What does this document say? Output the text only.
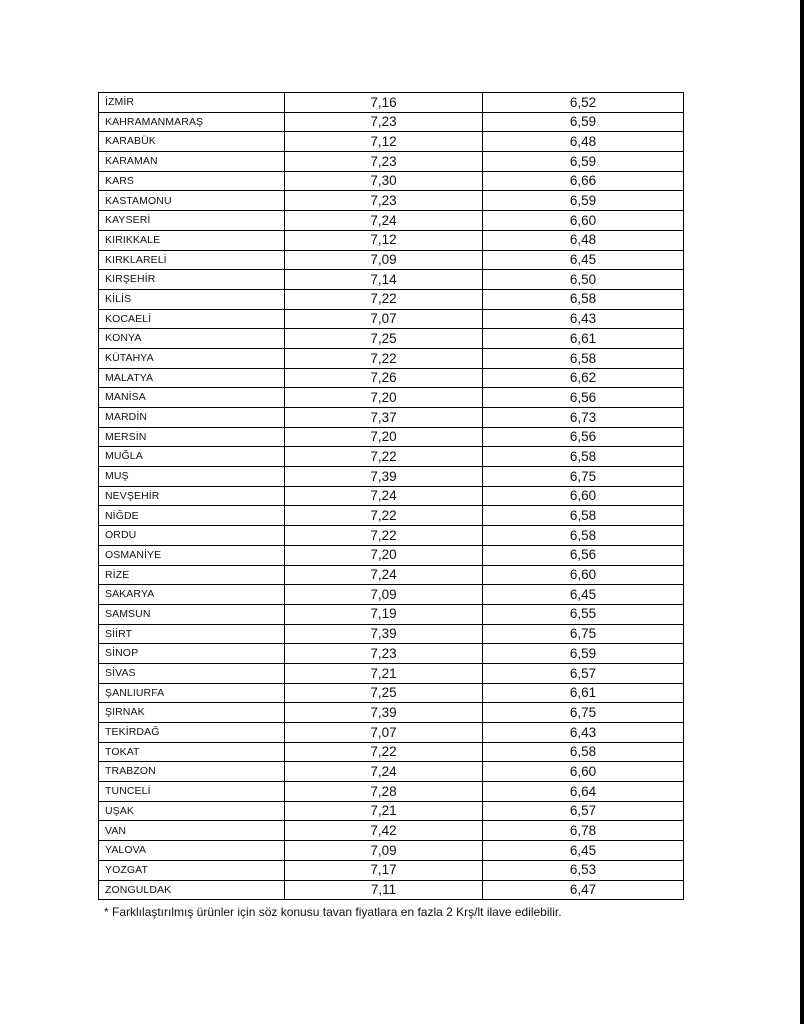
İZMİR	7,16	6,52
KAHRAMANMARAŞ	7,23	6,59
KARABÜK	7,12	6,48
KARAMAN	7,23	6,59
KARS	7,30	6,66
KASTAMONU	7,23	6,59
KAYSERİ	7,24	6,60
KIRIKKALE	7,12	6,48
KIRKLARELİ	7,09	6,45
KIRŞEHİR	7,14	6,50
KİLİS	7,22	6,58
KOCAELİ	7,07	6,43
KONYA	7,25	6,61
KÜTAHYA	7,22	6,58
MALATYA	7,26	6,62
MANİSA	7,20	6,56
MARDİN	7,37	6,73
MERSİN	7,20	6,56
MUĞLA	7,22	6,58
MUŞ	7,39	6,75
NEVŞEHİR	7,24	6,60
NİĞDE	7,22	6,58
ORDU	7,22	6,58
OSMANİYE	7,20	6,56
RİZE	7,24	6,60
SAKARYA	7,09	6,45
SAMSUN	7,19	6,55
SİİRT	7,39	6,75
SİNOP	7,23	6,59
SİVAS	7,21	6,57
ŞANLIURFA	7,25	6,61
ŞIRNAK	7,39	6,75
TEKİRDAĞ	7,07	6,43
TOKAT	7,22	6,58
TRABZON	7,24	6,60
TUNCELİ	7,28	6,64
UŞAK	7,21	6,57
VAN	7,42	6,78
YALOVA	7,09	6,45
YOZGAT	7,17	6,53
ZONGULDAK	7,11	6,47
* Farklılaştırılmış ürünler için söz konusu tavan fiyatlara en fazla 2 Krş/lt ilave edilebilir.
